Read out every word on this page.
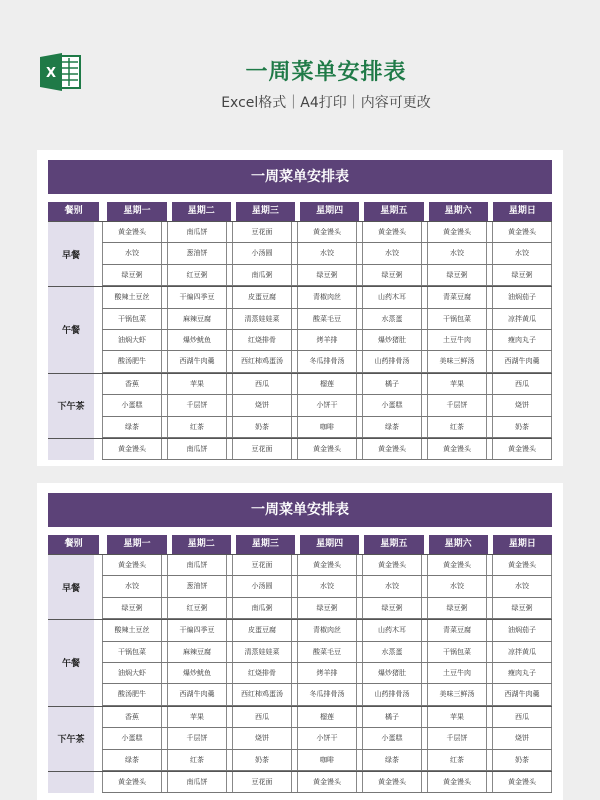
X	一周菜单安排表
Excel格式｜A4打印｜内容可更改
一周菜单安排表
餐别	星期一	星期二	星期三	星期四	星期五	星期六	星期日
早餐
黄金馒头	南瓜饼	豆花面	黄金馒头	黄金馒头	黄金馒头	黄金馒头
水饺	葱油饼	小汤圆	水饺	水饺	水饺	水饺
绿豆粥	红豆粥	南瓜粥	绿豆粥	绿豆粥	绿豆粥	绿豆粥
午餐
酸辣土豆丝	干煸四季豆	皮蛋豆腐	青椒肉丝	山药木耳	青菜豆腐	油焖茄子
干锅包菜	麻辣豆腐	清蒸娃娃菜	酸菜毛豆	水蒸蛋	干锅包菜	凉拌黄瓜
油焖大虾	爆炒鱿鱼	红烧排骨	烤羊排	爆炒猪肚	土豆牛肉	瘦肉丸子
酸汤肥牛	西湖牛肉羹	西红柿鸡蛋汤	冬瓜排骨汤	山药排骨汤	美味三鲜汤	西湖牛肉羹
下午茶
香蕉	苹果	西瓜	榴莲	橘子	苹果	西瓜
小蛋糕	千层饼	烧饼	小饼干	小蛋糕	千层饼	烧饼
绿茶	红茶	奶茶	咖啡	绿茶	红茶	奶茶
黄金馒头	南瓜饼	豆花面	黄金馒头	黄金馒头	黄金馒头	黄金馒头
一周菜单安排表
餐别	星期一	星期二	星期三	星期四	星期五	星期六	星期日
早餐
黄金馒头	南瓜饼	豆花面	黄金馒头	黄金馒头	黄金馒头	黄金馒头
水饺	葱油饼	小汤圆	水饺	水饺	水饺	水饺
绿豆粥	红豆粥	南瓜粥	绿豆粥	绿豆粥	绿豆粥	绿豆粥
午餐
酸辣土豆丝	干煸四季豆	皮蛋豆腐	青椒肉丝	山药木耳	青菜豆腐	油焖茄子
干锅包菜	麻辣豆腐	清蒸娃娃菜	酸菜毛豆	水蒸蛋	干锅包菜	凉拌黄瓜
油焖大虾	爆炒鱿鱼	红烧排骨	烤羊排	爆炒猪肚	土豆牛肉	瘦肉丸子
酸汤肥牛	西湖牛肉羹	西红柿鸡蛋汤	冬瓜排骨汤	山药排骨汤	美味三鲜汤	西湖牛肉羹
下午茶
香蕉	苹果	西瓜	榴莲	橘子	苹果	西瓜
小蛋糕	千层饼	烧饼	小饼干	小蛋糕	千层饼	烧饼
绿茶	红茶	奶茶	咖啡	绿茶	红茶	奶茶
黄金馒头	南瓜饼	豆花面	黄金馒头	黄金馒头	黄金馒头	黄金馒头
